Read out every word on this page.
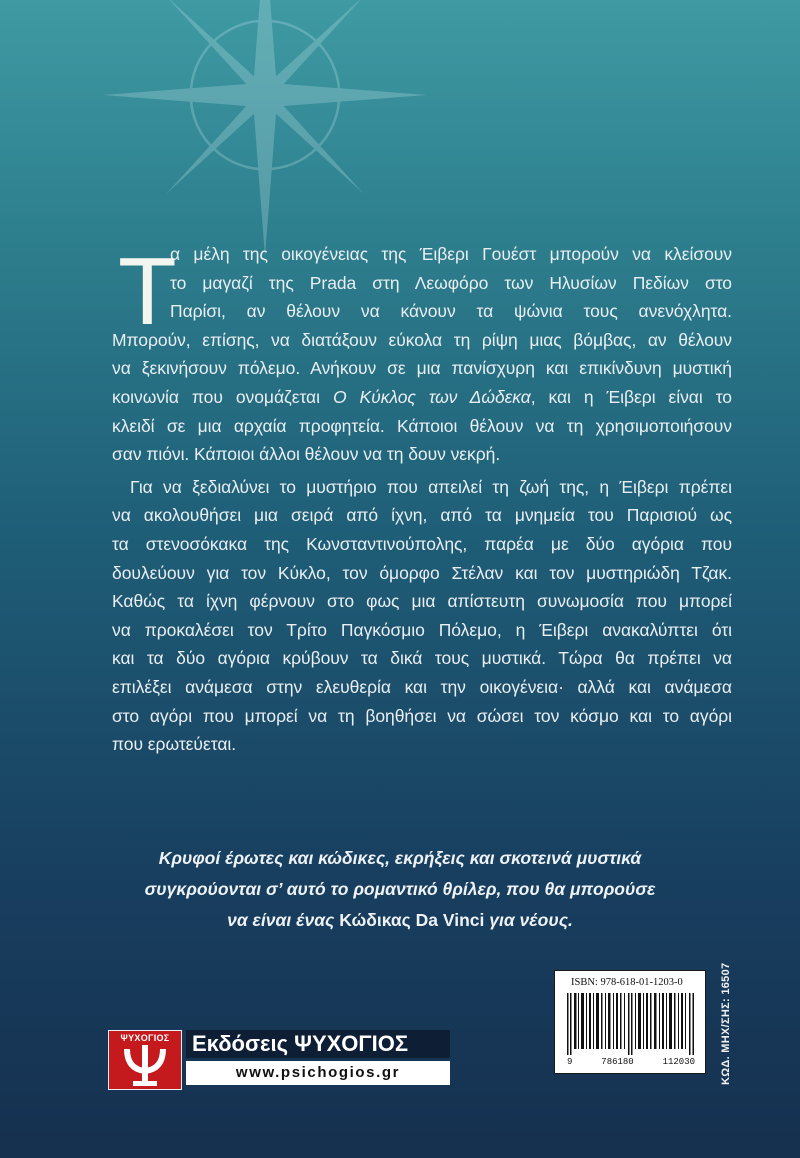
Τ

α μέλη της οικογένειας της Έιβερι Γουέστ μπορούν να κλείσουν

το μαγαζί της Prada στη Λεωφόρο των Ηλυσίων Πεδίων στο

Παρίσι, αν θέλουν να κάνουν τα ψώνια τους ανενόχλητα.

Μπορούν, επίσης, να διατάξουν εύκολα τη ρίψη μιας βόμβας, αν θέλουν

να ξεκινήσουν πόλεμο. Ανήκουν σε μια πανίσχυρη και επικίνδυνη μυστική

κοινωνία που ονομάζεται Ο Κύκλος των Δώδεκα, και η Έιβερι είναι το

κλειδί σε μια αρχαία προφητεία. Κάποιοι θέλουν να τη χρησιμοποιήσουν

σαν πιόνι. Κάποιοι άλλοι θέλουν να τη δουν νεκρή.

Για να ξεδιαλύνει το μυστήριο που απειλεί τη ζωή της, η Έιβερι πρέπει

να ακολουθήσει μια σειρά από ίχνη, από τα μνημεία του Παρισιού ως

τα στενοσόκακα της Κωνσταντινούπολης, παρέα με δύο αγόρια που

δουλεύουν για τον Κύκλο, τον όμορφο Στέλαν και τον μυστηριώδη Τζακ.

Καθώς τα ίχνη φέρνουν στο φως μια απίστευτη συνωμοσία που μπορεί

να προκαλέσει τον Τρίτο Παγκόσμιο Πόλεμο, η Έιβερι ανακαλύπτει ότι

και τα δύο αγόρια κρύβουν τα δικά τους μυστικά. Τώρα θα πρέπει να

επιλέξει ανάμεσα στην ελευθερία και την οικογένεια· αλλά και ανάμεσα

στο αγόρι που μπορεί να τη βοηθήσει να σώσει τον κόσμο και το αγόρι

που ερωτεύεται.

Κρυφοί έρωτες και κώδικες, εκρήξεις και σκοτεινά μυστικά
συγκρούονται σ’ αυτό το ρομαντικό θρίλερ, που θα μπορούσε
να είναι ένας Κώδικας Da Vinci για νέους.
ISBN: 978-618-01-1203-0
9	786180	112030 ΚΩΔ. ΜΗΧ/ΣΗΣ: 16507
ΨΥΧΟΓΙΟΣ	Εκδόσεις ΨΥΧΟΓΙΟΣ
www.psichogios.gr
